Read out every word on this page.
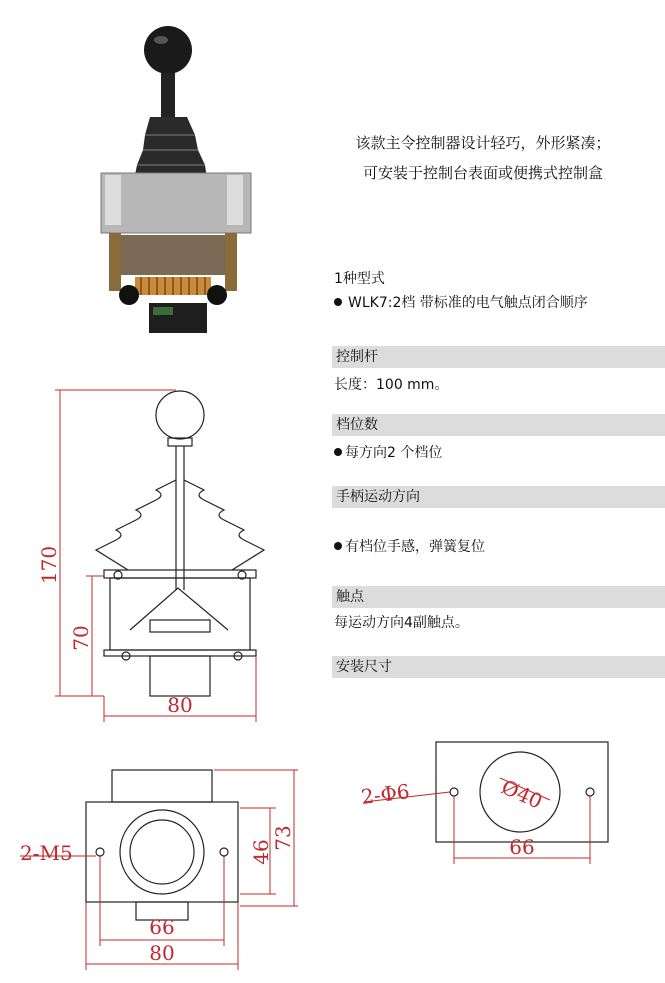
该款主令控制器设计轻巧，外形紧凑；
可安装于控制台表面或便携式控制盒
1种型式
WLK7:2档 带标准的电气触点闭合顺序
控制杆
长度：100 mm。
档位数
每方向2 个档位
手柄运动方向
有档位手感，弹簧复位
触点
每运动方向4副触点。
安装尺寸
170
70
80
2-M5	46
73
66
80
2-Φ6	Ø40
66
